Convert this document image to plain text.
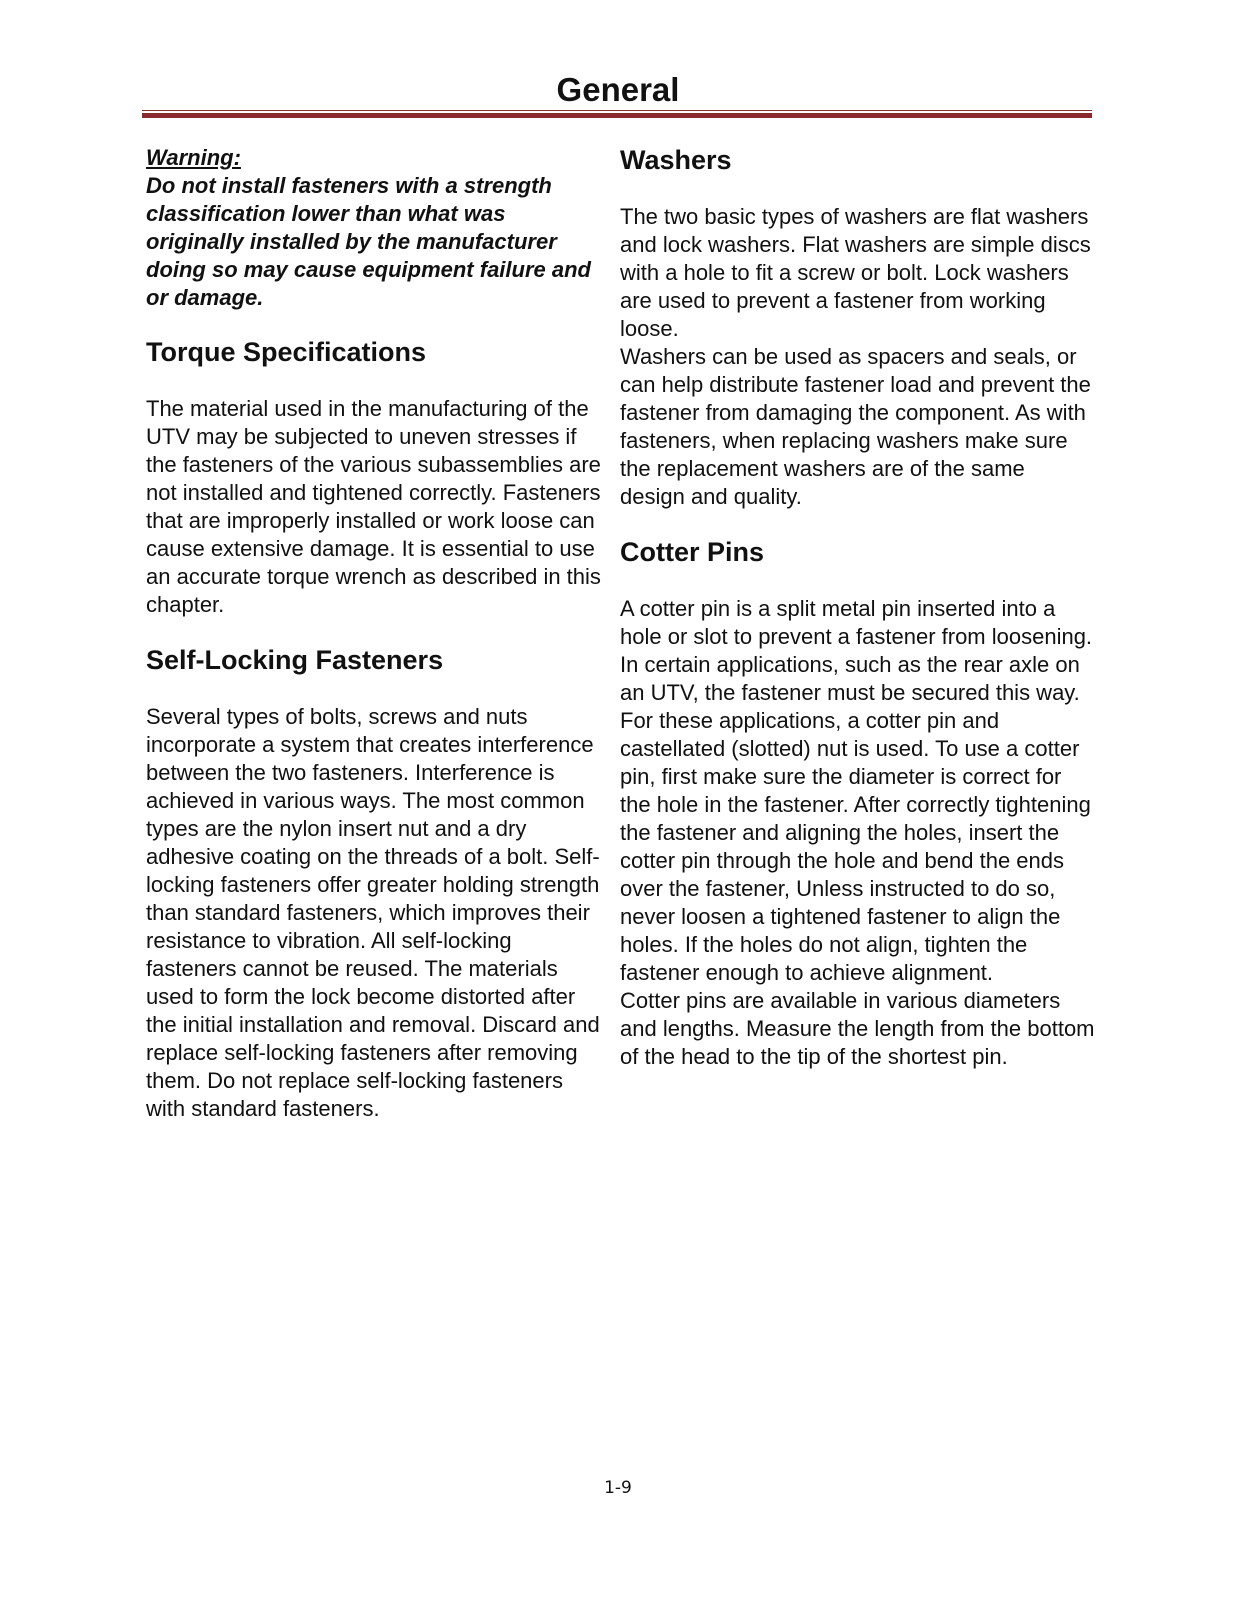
General

Warning:

Do not install fasteners with a strength classification lower than what was originally installed by the manufacturer doing so may cause equipment failure and or damage.

Torque Specifications

The material used in the manufacturing of the UTV may be subjected to uneven stresses if the fasteners of the various subassemblies are not installed and tightened correctly. Fasteners that are improperly installed or work loose can cause extensive damage. It is essential to use an accurate torque wrench as described in this chapter.

Self-Locking Fasteners

Several types of bolts, screws and nuts incorporate a system that creates interference between the two fasteners. Interference is achieved in various ways. The most common types are the nylon insert nut and a dry adhesive coating on the threads of a bolt. Self-locking fasteners offer greater holding strength than standard fasteners, which improves their resistance to vibration. All self-locking fasteners cannot be reused. The materials used to form the lock become distorted after the initial installation and removal. Discard and replace self-locking fasteners after removing them. Do not replace self-locking fasteners with standard fasteners.

Washers

The two basic types of washers are flat washers and lock washers. Flat washers are simple discs with a hole to fit a screw or bolt. Lock washers are used to prevent a fastener from working loose.

Washers can be used as spacers and seals, or can help distribute fastener load and prevent the fastener from damaging the component. As with fasteners, when replacing washers make sure the replacement washers are of the same design and quality.

Cotter Pins

A cotter pin is a split metal pin inserted into a hole or slot to prevent a fastener from loosening. In certain applications, such as the rear axle on an UTV, the fastener must be secured this way. For these applications, a cotter pin and castellated (slotted) nut is used. To use a cotter pin, first make sure the diameter is correct for the hole in the fastener. After correctly tightening the fastener and aligning the holes, insert the cotter pin through the hole and bend the ends over the fastener, Unless instructed to do so, never loosen a tightened fastener to align the holes. If the holes do not align, tighten the fastener enough to achieve alignment.

Cotter pins are available in various diameters and lengths. Measure the length from the bottom of the head to the tip of the shortest pin.

1-9
